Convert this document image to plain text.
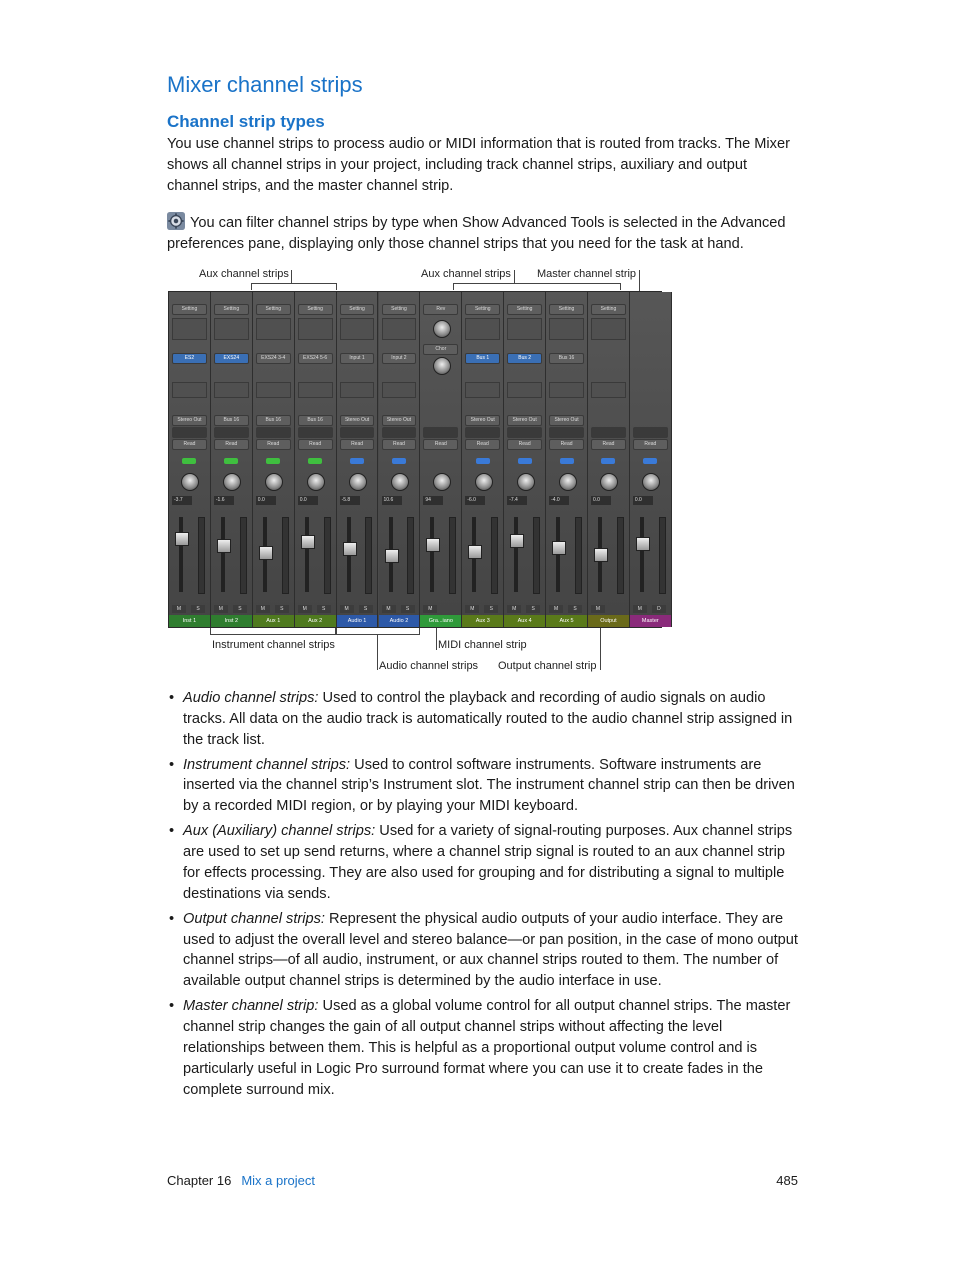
Mixer channel strips
Channel strip types

You use channel strips to process audio or MIDI information that is routed from tracks. The Mixer shows all channel strips in your project, including track channel strips, auxiliary and output channel strips, and the master channel strip.

You can filter channel strips by type when Show Advanced Tools is selected in the Advanced preferences pane, displaying only those channel strips that you need for the task at hand.

Aux channel strips	Aux channel strips Master channel strip
Setting
ES2
Stereo Out
Read
-3.7
M	S
Inst 1
Setting
EXS24
Bus 16
Read
-1.6
M	S
Inst 2
Setting
EXS24 3-4
Bus 16
Read
0.0
M	S
Aux 1
Setting
EXS24 5-6
Bus 16
Read
0.0
M	S
Aux 2
Setting
Input 1
Stereo Out
Read
-5.8
M	S
Audio 1
Setting
Input 2
Stereo Out
Read
10.6
M	S
Audio 2
Rev
Chor
Read
94
M
Gra...iano
Setting
Bus 1
Stereo Out
Read
-6.0
M	S
Aux 3
Setting
Bus 2
Stereo Out
Read
-7.4
M	S
Aux 4
Setting
Bus 16
Stereo Out
Read
-4.0
M	S
Aux 5
Setting
Read
0.0
M
Output
Read
0.0
M	D
Master
Instrument channel strips	MIDI channel strip
Audio channel strips Output channel strip
• Audio channel strips: Used to control the playback and recording of audio signals on audio tracks. All data on the audio track is automatically routed to the audio channel strip assigned in the track list.
• Instrument channel strips: Used to control software instruments. Software instruments are inserted via the channel strip’s Instrument slot. The instrument channel strip can then be driven by a recorded MIDI region, or by playing your MIDI keyboard.
• Aux (Auxiliary) channel strips: Used for a variety of signal-routing purposes. Aux channel strips are used to set up send returns, where a channel strip signal is routed to an aux channel strip for effects processing. They are also used for grouping and for distributing a signal to multiple destinations via sends.
• Output channel strips: Represent the physical audio outputs of your audio interface. They are used to adjust the overall level and stereo balance—or pan position, in the case of mono output channel strips—of all audio, instrument, or aux channel strips routed to them. The number of available output channel strips is determined by the audio interface in use.
• Master channel strip: Used as a global volume control for all output channel strips. The master channel strip changes the gain of all output channel strips without affecting the level relationships between them. This is helpful as a proportional output volume control and is particularly useful in Logic Pro surround format where you can use it to create fades in the complete surround mix.
Chapter 16 Mix a project	485
